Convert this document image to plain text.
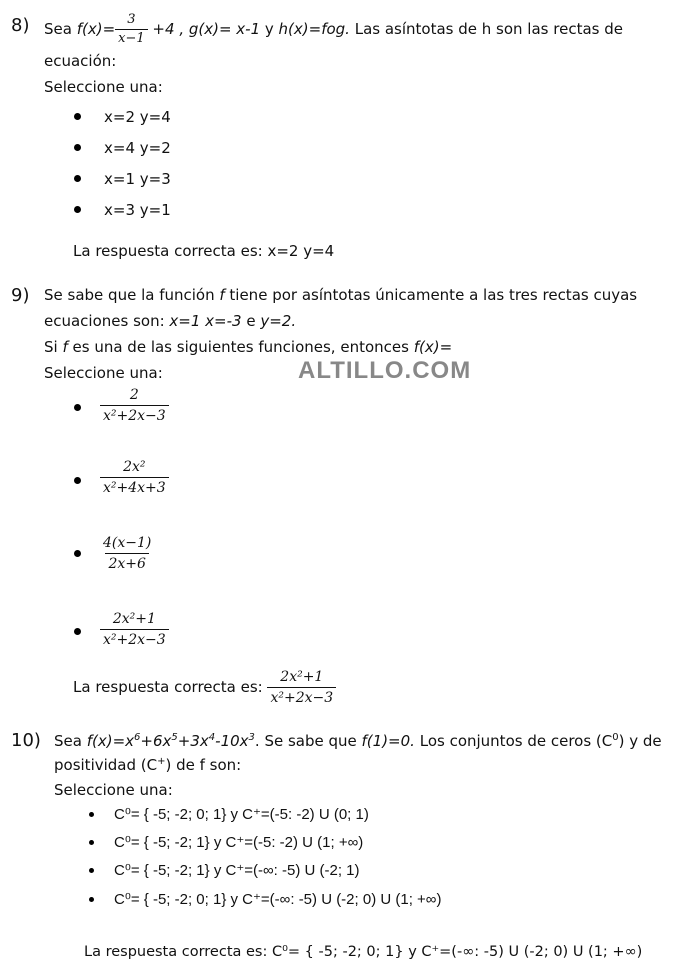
ALTILLO.COM
8) Sea $f(x)= \frac{3}{x-1} +4$ , g(x)= x-1 y h(x)=fog. Las asíntotas de h son las rectas de
ecuación:
Seleccione una:
x=2 y=4
x=4 y=2
x=1 y=3
x=3 y=1
La respuesta correcta es: x=2 y=4
9) Se sabe que la función f tiene por asíntotas únicamente a las tres rectas cuyas
ecuaciones son: x=1 x=-3 e y=2.
Si f es una de las siguientes funciones, entonces f(x)=
Seleccione una:
$\frac{2}{\text{x²+2x−3}}$
$\frac{\text{2x²}}{\text{x²+4x+3}}$
$\frac{4(x-1)}{2x+6}$
$\frac{\text{2x²+1}}{\text{x²+2x−3}}$
La respuesta correcta es: $\frac{\text{2x²+1}}{\text{x²+2x−3}}$
10) Sea $f(x)=x^6+6x^5+3x^4-10x^3$. Se sabe que f(1)=0. Los conjuntos de ceros $(C^0)$ y de
positividad (C+) de f son:
Seleccione una:
C⁰= { -5; -2; 0; 1} y C⁺=(-5: -2) U (0; 1)
C⁰= { -5; -2; 1} y C⁺=(-5: -2) U (1; +∞)
C⁰= { -5; -2; 1} y C⁺=(-∞: -5) U (-2; 1)
C⁰= { -5; -2; 0; 1} y C⁺=(-∞: -5) U (-2; 0) U (1; +∞)
La respuesta correcta es: C⁰= { -5; -2; 0; 1} y C⁺=(-∞: -5) U (-2; 0) U (1; +∞)
